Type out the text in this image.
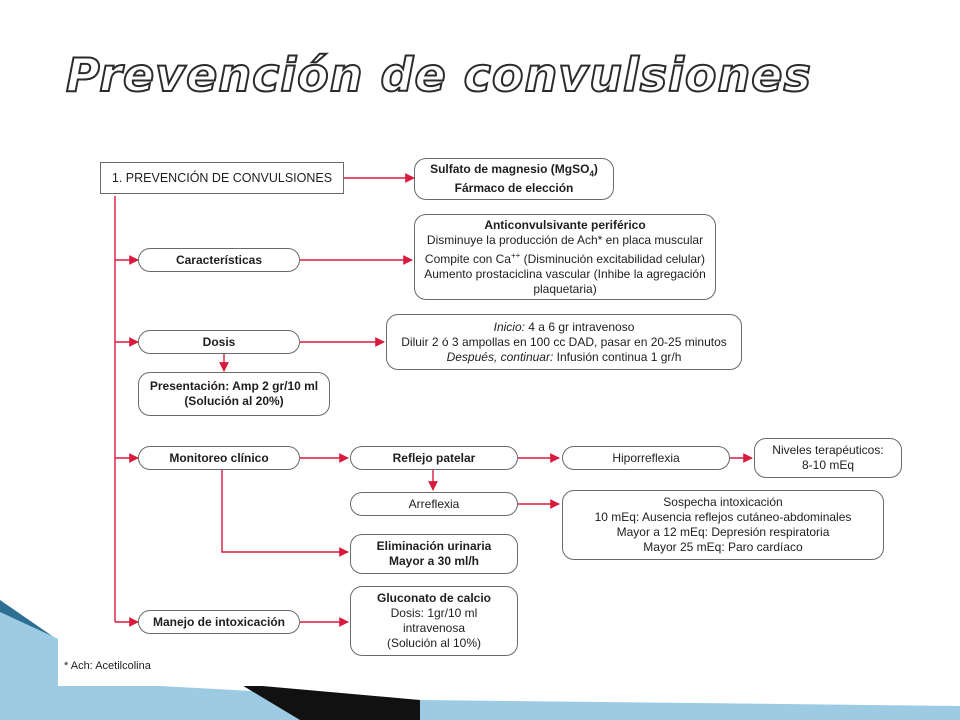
Prevención de convulsiones
1. PREVENCIÓN DE CONVULSIONES
Sulfato de magnesio (MgSO$_4$)
Fármaco de elección
Características
Anticonvulsivante periférico
Disminuye la producción de Ach* en placa muscular
Compite con Ca++ (Disminución excitabilidad celular)
Aumento prostaciclina vascular (Inhibe la agregación
plaquetaria)
Dosis
Inicio: 4 a 6 gr intravenoso
Diluir 2 ó 3 ampollas en 100 cc DAD, pasar en 20-25 minutos
Después, continuar: Infusión continua 1 gr/h
Presentación: Amp 2 gr/10 ml
(Solución al 20%)
Monitoreo clínico	Reflejo patelar	Hiporreflexia
Niveles terapéuticos:
8-10 mEq
Arreflexia	Sospecha intoxicación
10 mEq: Ausencia reflejos cutáneo-abdominales
Mayor a 12 mEq: Depresión respiratoria
Mayor 25 mEq: Paro cardíaco
Eliminación urinaria
Mayor a 30 ml/h
Manejo de intoxicación
Gluconato de calcio
Dosis: 1gr/10 ml
intravenosa
(Solución al 10%)
* Ach: Acetilcolina
